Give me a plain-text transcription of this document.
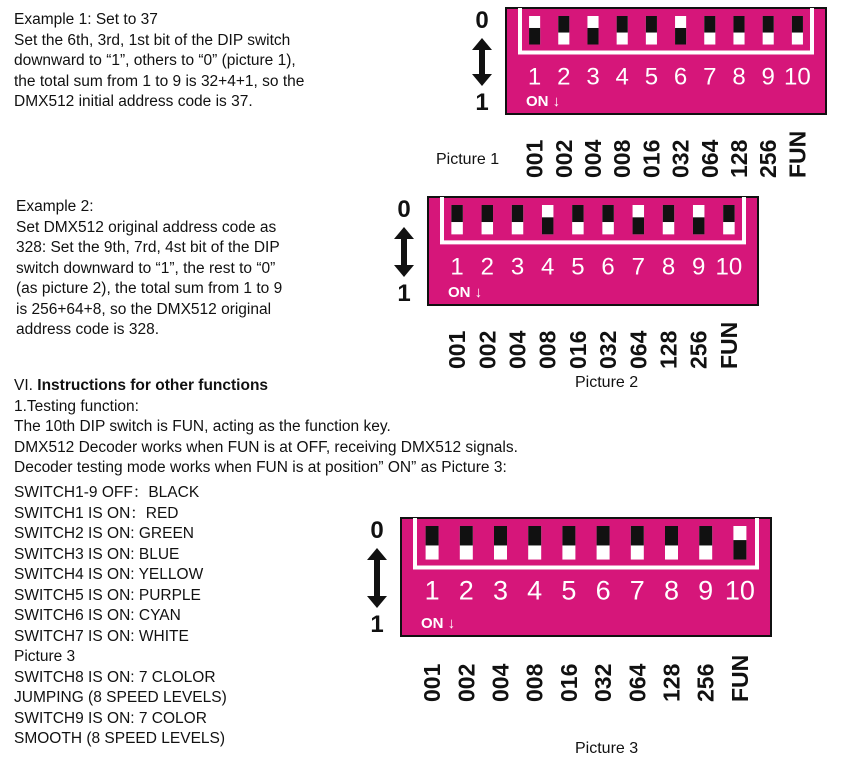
Example 1: Set to 37
Set the 6th, 3rd, 1st bit of the DIP switch
downward to “1”, others to “0” (picture 1),
the total sum from 1 to 9 is 32+4+1, so the
DMX512 initial address code is 37.
Example 2:
Set DMX512 original address code as
328: Set the 9th, 7rd, 4st bit of the DIP
switch downward to “1”, the rest to “0”
(as picture 2), the total sum from 1 to 9
is 256+64+8, so the DMX512 original
address code is 328.
VI. Instructions for other functions
1.Testing function:
The 10th DIP switch is FUN, acting as the function key.
DMX512 Decoder works when FUN is at OFF, receiving DMX512 signals.
Decoder testing mode works when FUN is at position” ON” as Picture 3:
SWITCH1-9 OFF：BLACK
SWITCH1 IS ON：RED
SWITCH2 IS ON: GREEN
SWITCH3 IS ON: BLUE
SWITCH4 IS ON: YELLOW
SWITCH5 IS ON: PURPLE
SWITCH6 IS ON: CYAN
SWITCH7 IS ON: WHITE
Picture 3
SWITCH8 IS ON: 7 CLOLOR
JUMPING (8 SPEED LEVELS)
SWITCH9 IS ON: 7 COLOR
SMOOTH (8 SPEED LEVELS)
0
1
1 2 3 4 5 6 7 8 9 10
ON ↓
001 002 004 008 016 032 064 128 256 FUN
Picture 1
0
1
1 2 3 4 5 6 7 8 9 10
ON ↓
001 002 004 008 016 032 064 128 256 FUN
Picture 2
0
1
1 2 3 4 5 6 7 8 9 10
ON ↓
001 002 004 008 016 032 064 128 256 FUN
Picture 3
